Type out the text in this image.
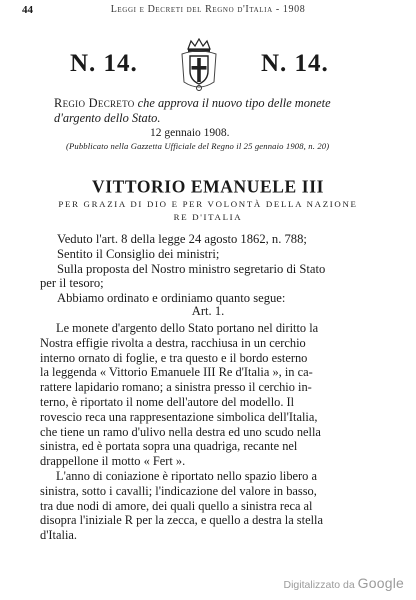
44	Leggi e Decreti del Regno d'Italia - 1908
N. 14.	N. 14.
Regio Decreto che approva il nuovo tipo delle monete d'argento dello Stato.
12 gennaio 1908.
(Pubblicato nella Gazzetta Ufficiale del Regno il 25 gennaio 1908, n. 20)
VITTORIO EMANUELE III
PER GRAZIA DI DIO E PER VOLONTÀ DELLA NAZIONE
RE D'ITALIA
Veduto l'art. 8 della legge 24 agosto 1862, n. 788;
Sentito il Consiglio dei ministri;
Sulla proposta del Nostro ministro segretario di Stato
per il tesoro;
Abbiamo ordinato e ordiniamo quanto segue:
Art. 1.
Le monete d'argento dello Stato portano nel diritto la
Nostra effigie rivolta a destra, racchiusa in un cerchio
interno ornato di foglie, e tra questo e il bordo esterno
la leggenda « Vittorio Emanuele III Re d'Italia », in ca-
rattere lapidario romano; a sinistra presso il cerchio in-
terno, è riportato il nome dell'autore del modello. Il
rovescio reca una rappresentazione simbolica dell'Italia,
che tiene un ramo d'ulivo nella destra ed uno scudo nella
sinistra, ed è portata sopra una quadriga, recante nel
drappellone il motto « Fert ».
L'anno di coniazione è riportato nello spazio libero a
sinistra, sotto i cavalli; l'indicazione del valore in basso,
tra due nodi di amore, dei quali quello a sinistra reca al
disopra l'iniziale R per la zecca, e quello a destra la stella
d'Italia.
Digitalizzato da Google
